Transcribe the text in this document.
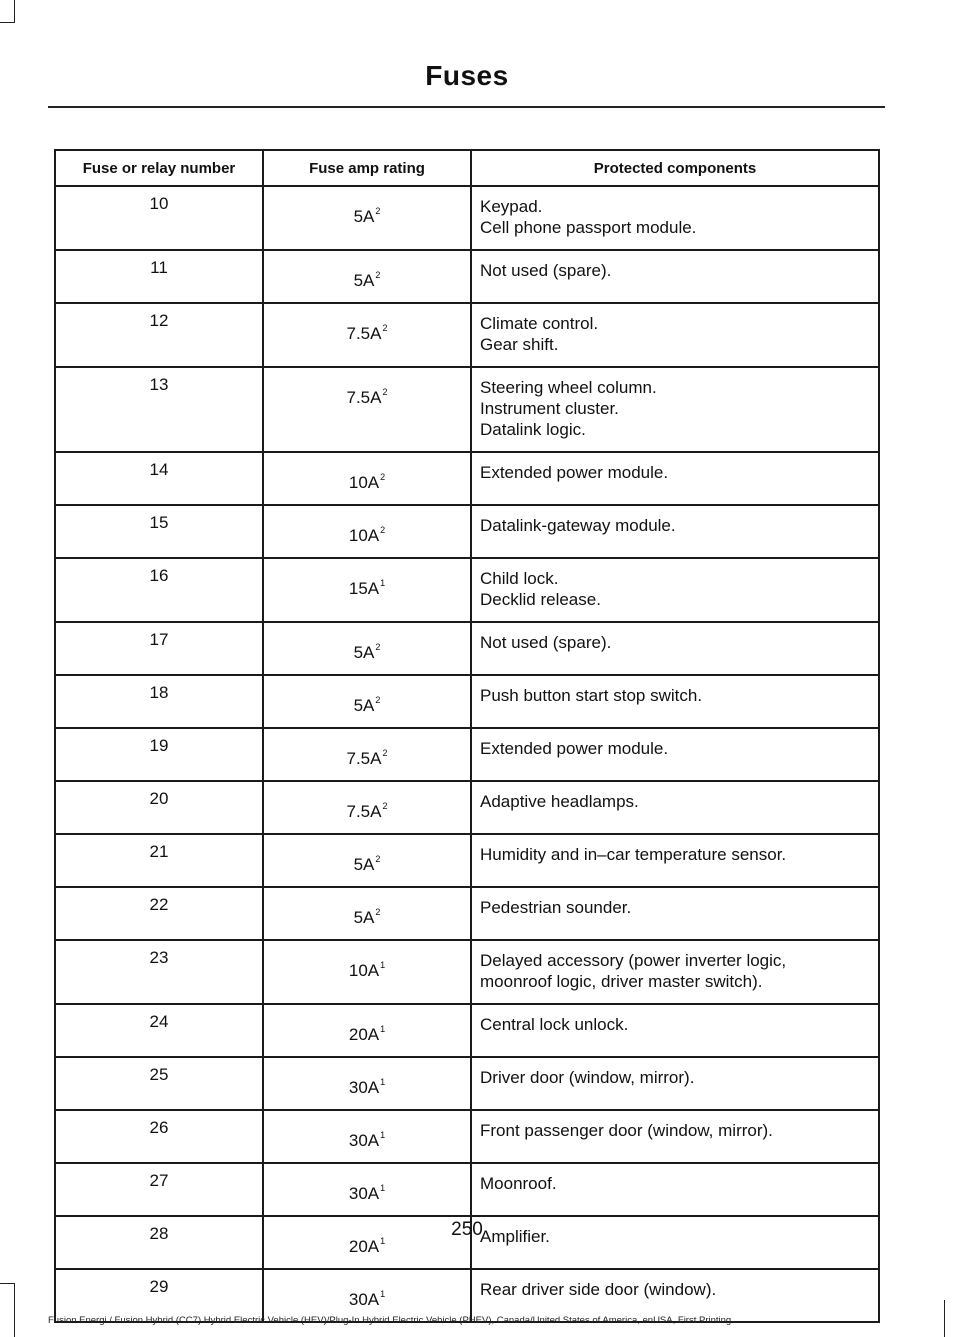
Fuses
Fuse or relay number	Fuse amp rating	Protected components
10	$5A^2$	Keypad.
Cell phone passport module.

11	$5A^2$	Not used (spare).

12	$7.5A^2$	Climate control.
Gear shift.

13	$7.5A^2$	Steering wheel column.
Instrument cluster.
Datalink logic.

14	$10A^2$	Extended power module.

15	$10A^2$	Datalink-gateway module.

16	$15A^1$	Child lock.
Decklid release.

17	$5A^2$	Not used (spare).

18	$5A^2$	Push button start stop switch.

19	$7.5A^2$	Extended power module.

20	$7.5A^2$	Adaptive headlamps.

21	$5A^2$	Humidity and in–car temperature sensor.

22	$5A^2$	Pedestrian sounder.

23	$10A^1$	Delayed accessory (power inverter logic,
moonroof logic, driver master switch).

24	$20A^1$	Central lock unlock.

25	$30A^1$	Driver door (window, mirror).

26	$30A^1$	Front passenger door (window, mirror).

27	$30A^1$	Moonroof.

28	$20A^1$	Amplifier.

29	$30A^1$	Rear driver side door (window).
250
Fusion Energi / Fusion Hybrid (CC7) Hybrid Electric Vehicle (HEV)/Plug-In Hybrid Electric Vehicle (PHEV), Canada/United States of America, enUSA, First Printing
